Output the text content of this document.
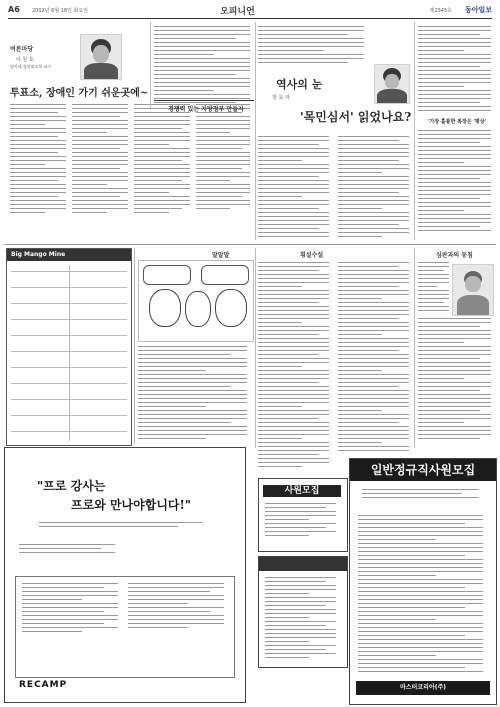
A6 2002년 6월 18일 화요일	오피니언	제2345호 동아일보
여론마당
이 원 호
명지대 정치외교학 교수
투표소, 장애인 가기 쉬운곳에~
경쟁력 있는 지방정부 만들자
역사의 눈
장 옥 자
'목민심서' 읽었나요?	'가장 훌륭한 복장은 '평상'
Big Mango Mine	말말말	횡설수설	심판과의 동침
"프로 강사는
프로와 만나야합니다!"
RECAMP
사원모집
일반정규직사원모집
마스터코리아(주)
